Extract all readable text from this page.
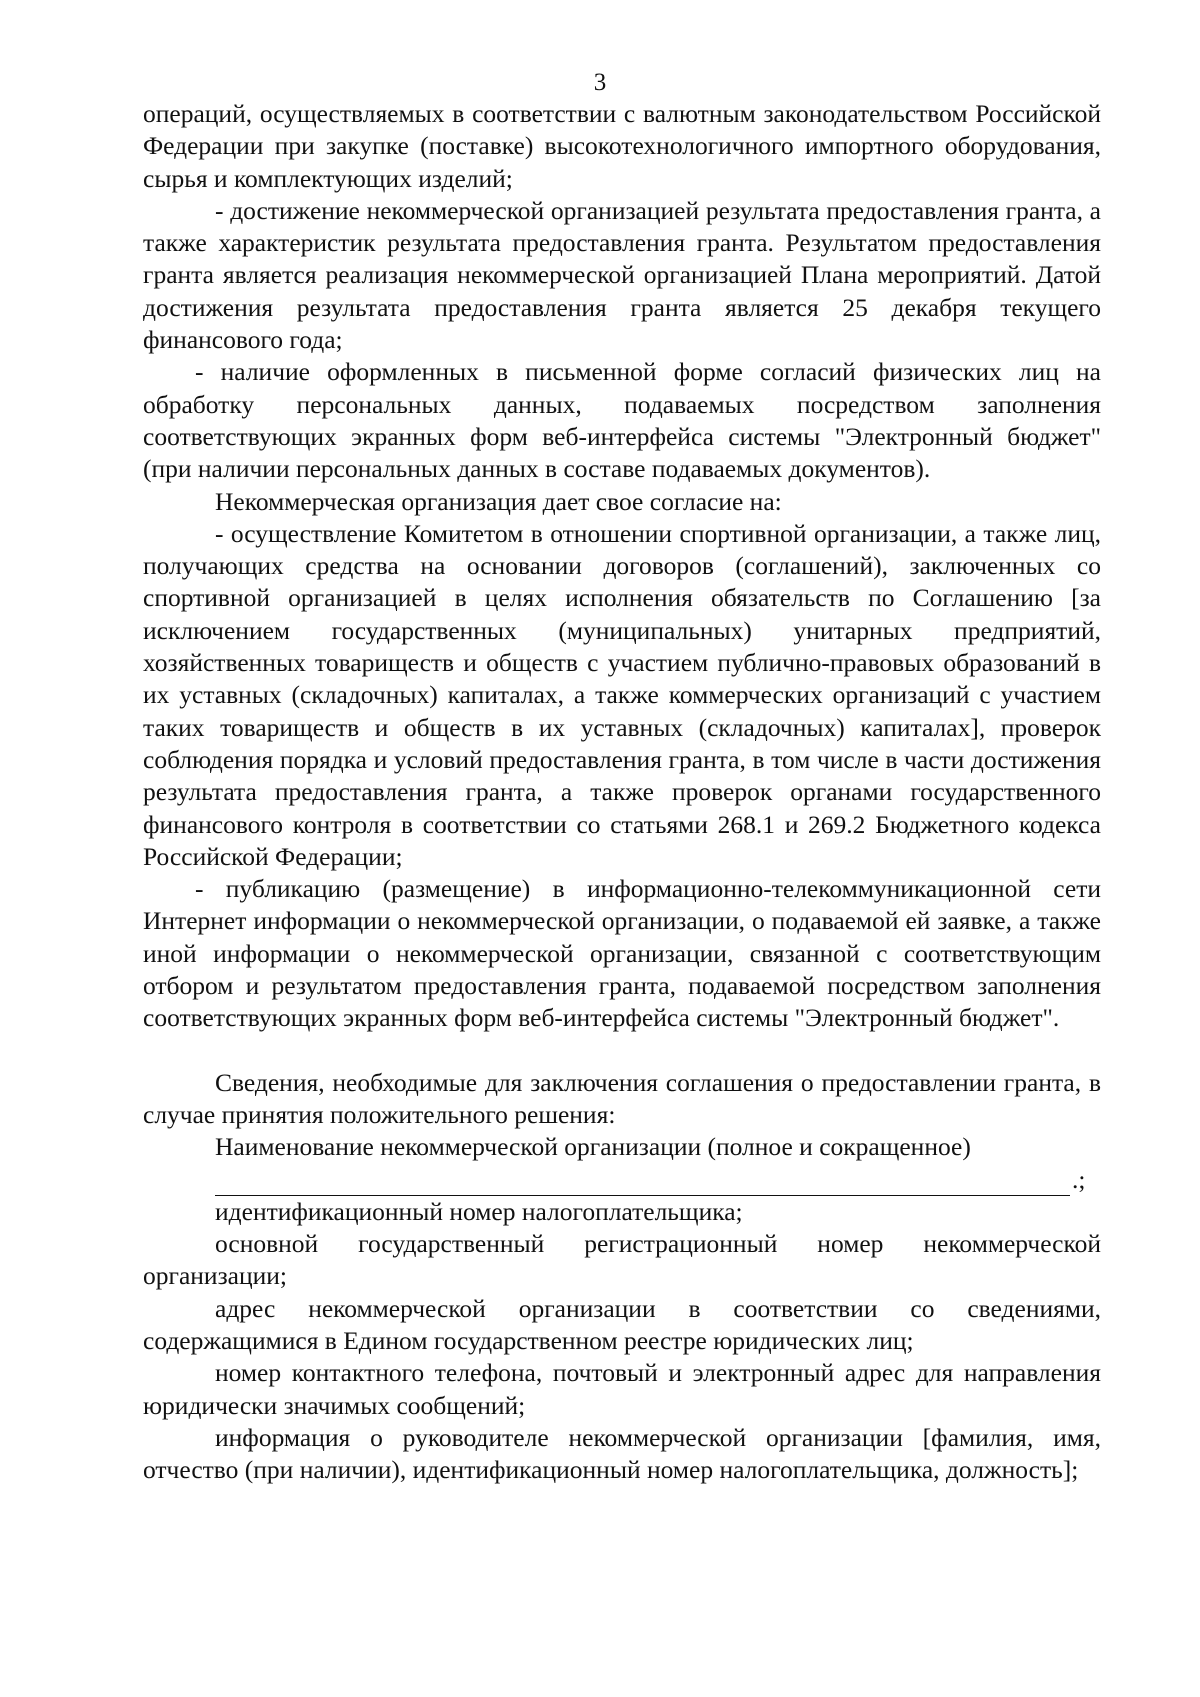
3

операций, осуществляемых в соответствии с валютным законодательством Российской Федерации при закупке (поставке) высокотехнологичного импортного оборудования, сырья и комплектующих изделий;

- достижение некоммерческой организацией результата предоставления гранта, а также характеристик результата предоставления гранта. Результатом предоставления гранта является реализация некоммерческой организацией Плана мероприятий. Датой достижения результата предоставления гранта является 25 декабря текущего финансового года;

- наличие оформленных в письменной форме согласий физических лиц на обработку персональных данных, подаваемых посредством заполнения соответствующих экранных форм веб-интерфейса системы "Электронный бюджет" (при наличии персональных данных в составе подаваемых документов).

Некоммерческая организация дает свое согласие на:

- осуществление Комитетом в отношении спортивной организации, а также лиц, получающих средства на основании договоров (соглашений), заключенных со спортивной организацией в целях исполнения обязательств по Соглашению [за исключением государственных (муниципальных) унитарных предприятий, хозяйственных товариществ и обществ с участием публично-правовых образований в их уставных (складочных) капиталах, а также коммерческих организаций с участием таких товариществ и обществ в их уставных (складочных) капиталах], проверок соблюдения порядка и условий предоставления гранта, в том числе в части достижения результата предоставления гранта, а также проверок органами государственного финансового контроля в соответствии со статьями 268.1 и 269.2 Бюджетного кодекса Российской Федерации;

- публикацию (размещение) в информационно-телекоммуникационной сети Интернет информации о некоммерческой организации, о подаваемой ей заявке, а также иной информации о некоммерческой организации, связанной с соответствующим отбором и результатом предоставления гранта, подаваемой посредством заполнения соответствующих экранных форм веб-интерфейса системы "Электронный бюджет".

Сведения, необходимые для заключения соглашения о предоставлении гранта, в случае принятия положительного решения:

Наименование некоммерческой организации (полное и сокращенное)

.;

идентификационный номер налогоплательщика;

основной государственный регистрационный номер некоммерческой организации;

адрес некоммерческой организации в соответствии со сведениями, содержащимися в Едином государственном реестре юридических лиц;

номер контактного телефона, почтовый и электронный адрес для направления юридически значимых сообщений;

информация о руководителе некоммерческой организации [фамилия, имя, отчество (при наличии), идентификационный номер налогоплательщика, должность];
